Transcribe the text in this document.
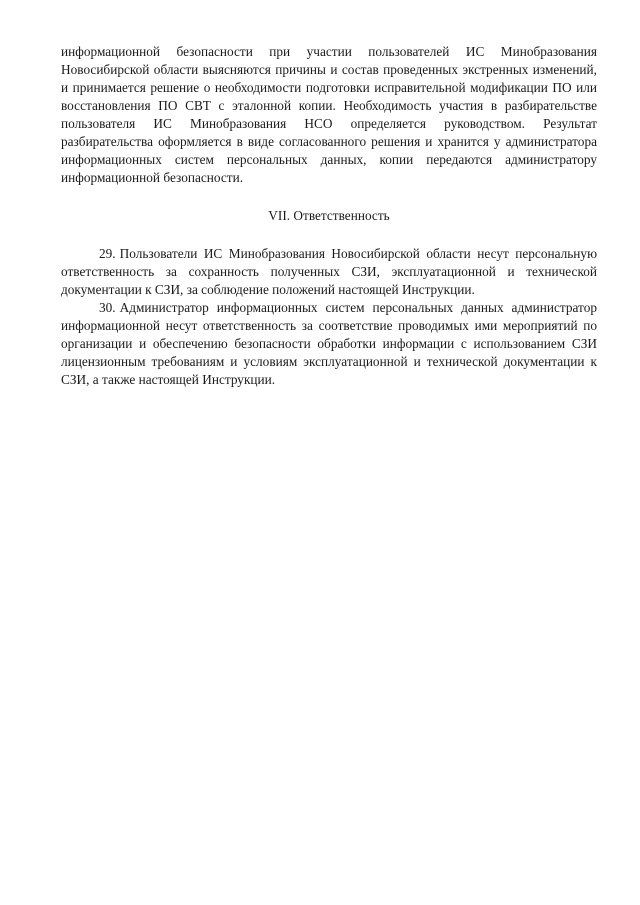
информационной безопасности при участии пользователей ИС Минобразования Новосибирской области выясняются причины и состав проведенных экстренных изменений, и принимается решение о необходимости подготовки исправительной модификации ПО или восстановления ПО СВТ с эталонной копии. Необходимость участия в разбирательстве пользователя ИС Минобразования НСО определяется руководством. Результат разбирательства оформляется в виде согласованного решения и хранится у администратора информационных систем персональных данных, копии передаются администратору информационной безопасности.

VII. Ответственность

29. Пользователи ИС Минобразования Новосибирской области несут персональную ответственность за сохранность полученных СЗИ, эксплуатационной и технической документации к СЗИ, за соблюдение положений настоящей Инструкции.

30. Администратор информационных систем персональных данных администратор информационной несут ответственность за соответствие проводимых ими мероприятий по организации и обеспечению безопасности обработки информации с использованием СЗИ лицензионным требованиям и условиям эксплуатационной и технической документации к СЗИ, а также настоящей Инструкции.
